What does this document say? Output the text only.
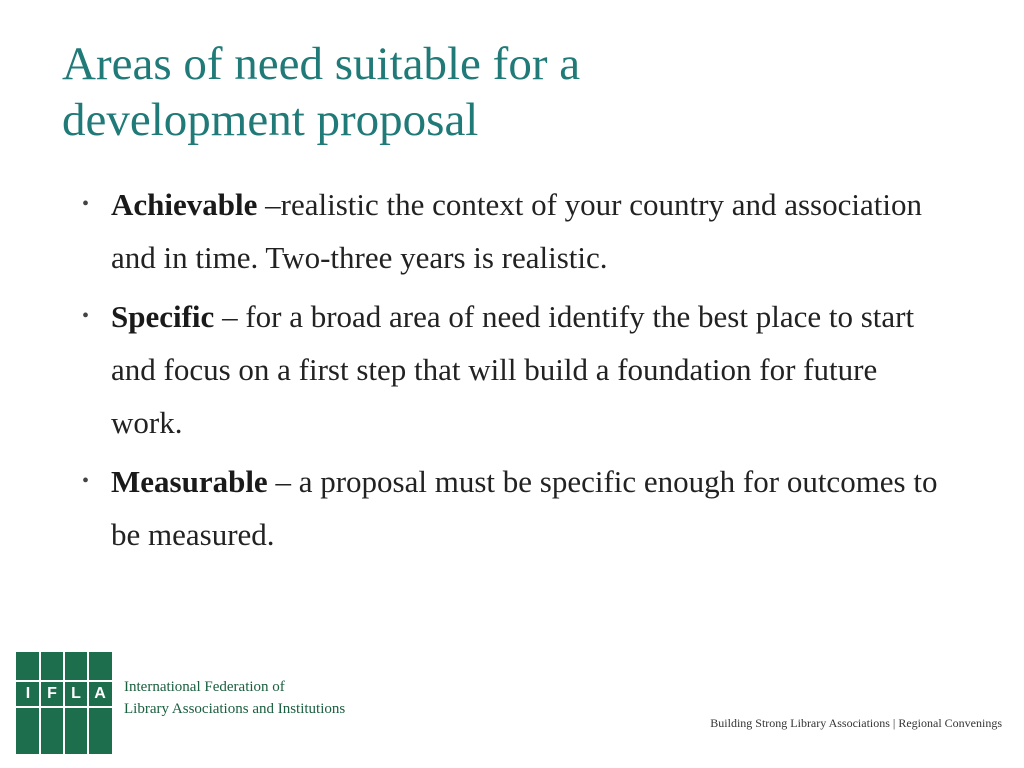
Areas of need suitable for a
development proposal
• Achievable –realistic the context of your country and association and in time. Two-three years is realistic.
• Specific – for a broad area of need identify the best place to start and focus on a first step that will build a foundation for future work.
• Measurable – a proposal must be specific enough for outcomes to be measured.
I	F L A	International Federation of
Library Associations and Institutions
Building Strong Library Associations | Regional Convenings
